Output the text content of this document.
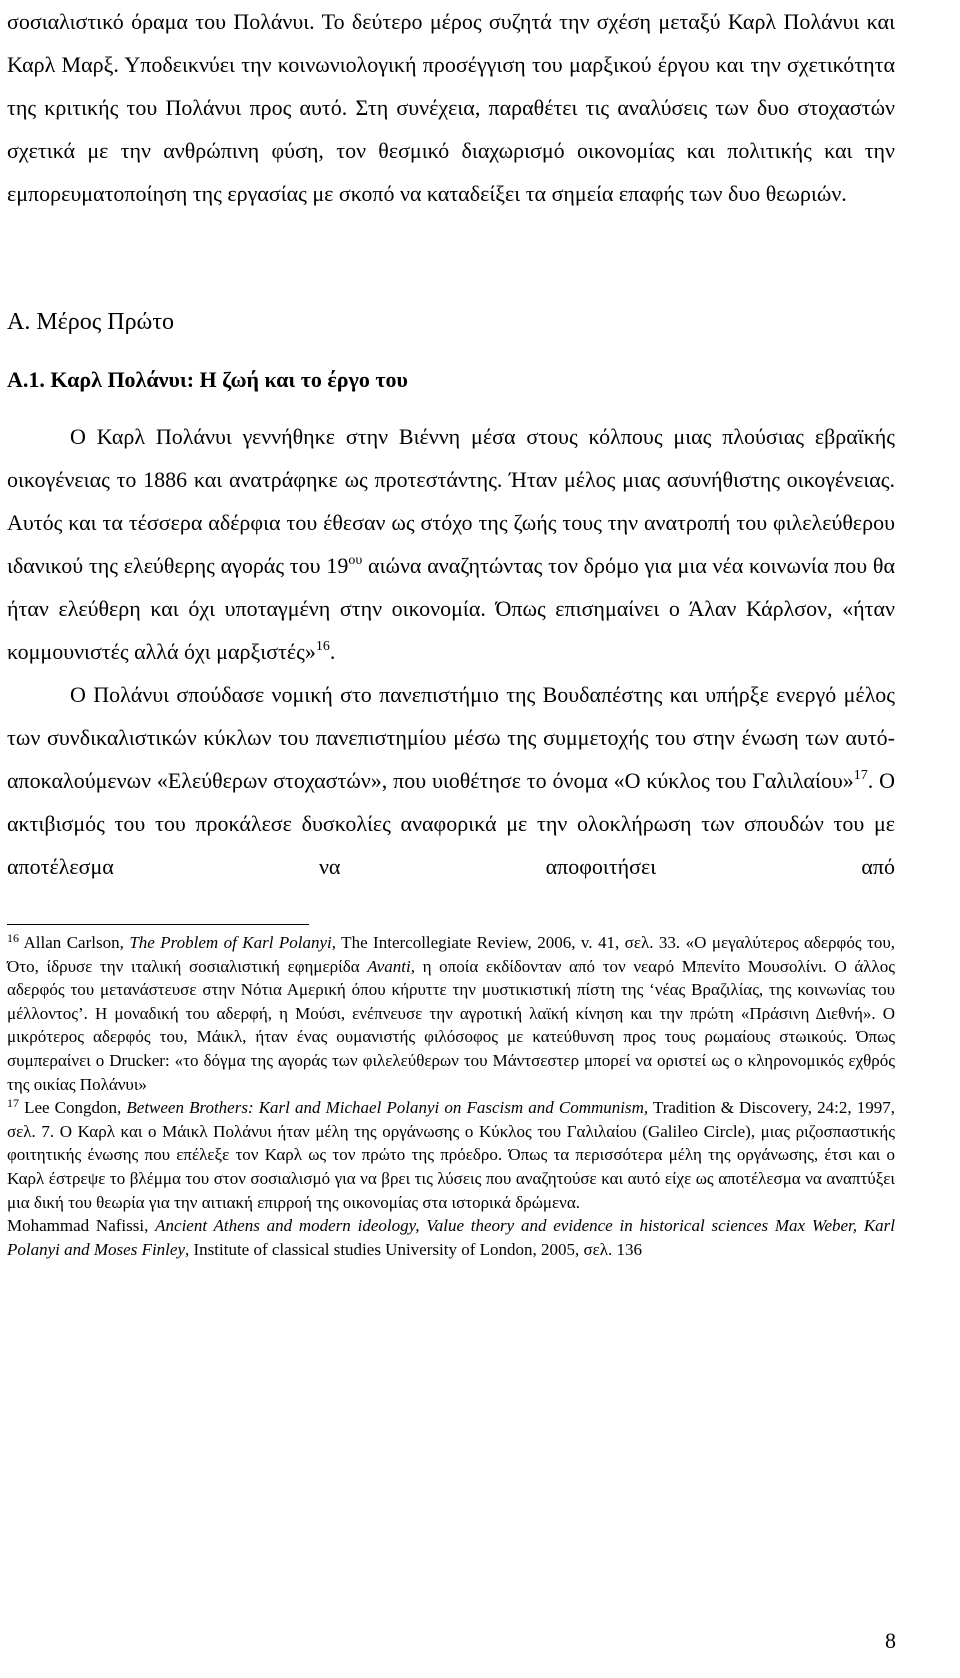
σοσιαλιστικό όραμα του Πολάνυι. Το δεύτερο μέρος συζητά την σχέση μεταξύ Καρλ Πολάνυι και Καρλ Μαρξ. Υποδεικνύει την κοινωνιολογική προσέγγιση του μαρξικού έργου και την σχετικότητα της κριτικής του Πολάνυι προς αυτό. Στη συνέχεια, παραθέτει τις αναλύσεις των δυο στοχαστών σχετικά με την ανθρώπινη φύση, τον θεσμικό διαχωρισμό οικονομίας και πολιτικής και την εμπορευματοποίηση της εργασίας με σκοπό να καταδείξει τα σημεία επαφής των δυο θεωριών.

Α. Μέρος Πρώτο
Α.1. Καρλ Πολάνυι: Η ζωή και το έργο του

Ο Καρλ Πολάνυι γεννήθηκε στην Βιέννη μέσα στους κόλπους μιας πλούσιας εβραϊκής οικογένειας το 1886 και ανατράφηκε ως προτεστάντης. Ήταν μέλος μιας ασυνήθιστης οικογένειας. Αυτός και τα τέσσερα αδέρφια του έθεσαν ως στόχο της ζωής τους την ανατροπή του φιλελεύθερου ιδανικού της ελεύθερης αγοράς του $19^{o\upsilon}$ αιώνα αναζητώντας τον δρόμο για μια νέα κοινωνία που θα ήταν ελεύθερη και όχι υποταγμένη στην οικονομία. Όπως επισημαίνει ο Άλαν Κάρλσον, «ήταν κομμουνιστές αλλά όχι μαρξιστές»$^{16}$.

Ο Πολάνυι σπούδασε νομική στο πανεπιστήμιο της Βουδαπέστης και υπήρξε ενεργό μέλος των συνδικαλιστικών κύκλων του πανεπιστημίου μέσω της συμμετοχής του στην ένωση των αυτό-αποκαλούμενων «Ελεύθερων στοχαστών», που υιοθέτησε το όνομα «Ο κύκλος του Γαλιλαίου»$^{17}$. Ο ακτιβισμός του του προκάλεσε δυσκολίες αναφορικά με την ολοκλήρωση των σπουδών του με αποτέλεσμα να αποφοιτήσει από

$^{16}$ Allan Carlson, The Problem of Karl Polanyi, The Intercollegiate Review, 2006, v. 41, σελ. 33. «Ο μεγαλύτερος αδερφός του, Ότο, ίδρυσε την ιταλική σοσιαλιστική εφημερίδα Avanti, η οποία εκδίδονταν από τον νεαρό Μπενίτο Μουσολίνι. Ο άλλος αδερφός του μετανάστευσε στην Νότια Αμερική όπου κήρυττε την μυστικιστική πίστη της ‘νέας Βραζιλίας, της κοινωνίας του μέλλοντος’. Η μοναδική του αδερφή, η Μούσι, ενέπνευσε την αγροτική λαϊκή κίνηση και την πρώτη «Πράσινη Διεθνή». Ο μικρότερος αδερφός του, Μάικλ, ήταν ένας ουμανιστής φιλόσοφος με κατεύθυνση προς τους ρωμαίους στωικούς. Όπως συμπεραίνει ο Drucker: «το δόγμα της αγοράς των φιλελεύθερων του Μάντσεστερ μπορεί να οριστεί ως ο κληρονομικός εχθρός της οικίας Πολάνυι»

$^{17}$ Lee Congdon, Between Brothers: Karl and Michael Polanyi on Fascism and Communism, Tradition & Discovery, 24:2, 1997, σελ. 7. Ο Καρλ και ο Μάικλ Πολάνυι ήταν μέλη της οργάνωσης ο Κύκλος του Γαλιλαίου (Galileo Circle), μιας ριζοσπαστικής φοιτητικής ένωσης που επέλεξε τον Καρλ ως τον πρώτο της πρόεδρο. Όπως τα περισσότερα μέλη της οργάνωσης, έτσι και ο Καρλ έστρεψε το βλέμμα του στον σοσιαλισμό για να βρει τις λύσεις που αναζητούσε και αυτό είχε ως αποτέλεσμα να αναπτύξει μια δική του θεωρία για την αιτιακή επιρροή της οικονομίας στα ιστορικά δρώμενα.

Mohammad Nafissi, Ancient Athens and modern ideology, Value theory and evidence in historical sciences Max Weber, Karl Polanyi and Moses Finley, Institute of classical studies University of London, 2005, σελ. 136

8
